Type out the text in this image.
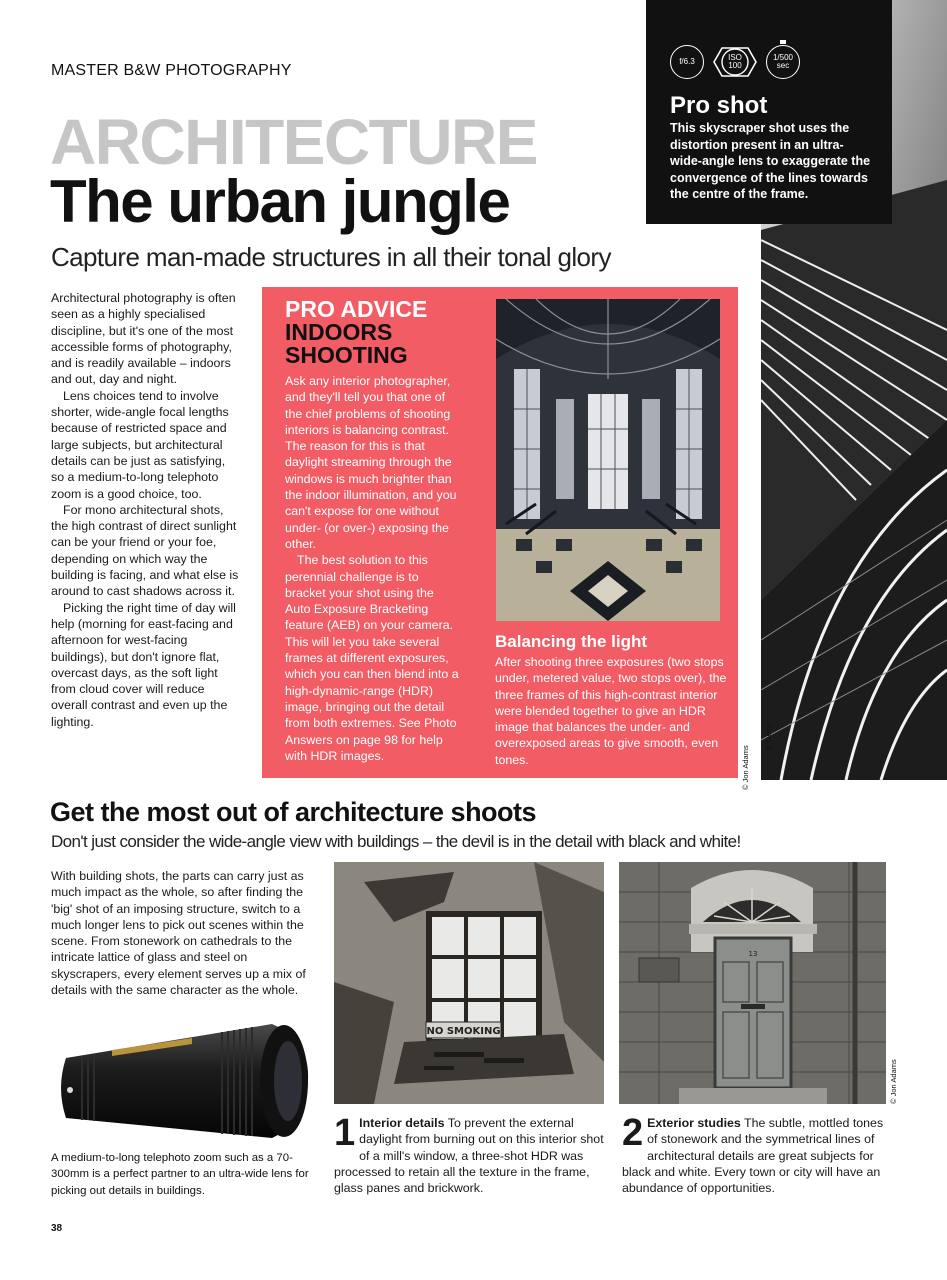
MASTER B&W PHOTOGRAPHY
ARCHITECTURE
The urban jungle
Capture man-made structures in all their tonal glory
© Getty
f/6.3	ISO
100
1/500
sec
Pro shot

This skyscraper shot uses the distortion present in an ultra-wide-angle lens to exaggerate the convergence of the lines towards the centre of the frame.

Architectural photography is often seen as a highly specialised discipline, but it's one of the most accessible forms of photography, and is readily available – indoors and out, day and night.

Lens choices tend to involve shorter, wide-angle focal lengths because of restricted space and large subjects, but architectural details can be just as satisfying, so a medium-to-long telephoto zoom is a good choice, too.

For mono architectural shots, the high contrast of direct sunlight can be your friend or your foe, depending on which way the building is facing, and what else is around to cast shadows across it.

Picking the right time of day will help (morning for east-facing and afternoon for west-facing buildings), but don't ignore flat, overcast days, as the soft light from cloud cover will reduce overall contrast and even up the lighting.

PRO ADVICE
INDOORS
SHOOTING

Ask any interior photographer, and they'll tell you that one of the chief problems of shooting interiors is balancing contrast. The reason for this is that daylight streaming through the windows is much brighter than the indoor illumination, and you can't expose for one without under- (or over-) exposing the other.

The best solution to this perennial challenge is to bracket your shot using the Auto Exposure Bracketing feature (AEB) on your camera. This will let you take several frames at different exposures, which you can then blend into a high-dynamic-range (HDR) image, bringing out the detail from both extremes. See Photo Answers on page 98 for help with HDR images.

Balancing the light
After shooting three exposures (two stops under, metered value, two stops over), the three frames of this high-contrast interior were blended together to give an HDR image that balances the under- and overexposed areas to give smooth, even tones.	© Jon Adams
Get the most out of architecture shoots
Don't just consider the wide-angle view with buildings – the devil is in the detail with black and white!
With building shots, the parts can carry just as much impact as the whole, so after finding the 'big' shot of an imposing structure, switch to a much longer lens to pick out scenes within the scene. From stonework on cathedrals to the intricate lattice of glass and steel on skyscrapers, every element serves up a mix of details with the same character as the whole.
A medium-to-long telephoto zoom such as a 70-300mm is a perfect partner to an ultra-wide lens for picking out details in buildings.
NO SMOKING
13
© Jon Adams
1 Interior details To prevent the external daylight from burning out on this interior shot of a mill's window, a three-shot HDR was processed to retain all the texture in the frame, glass panes and brickwork.
2 Exterior studies The subtle, mottled tones of stonework and the symmetrical lines of architectural details are great subjects for black and white. Every town or city will have an abundance of opportunities.
38
